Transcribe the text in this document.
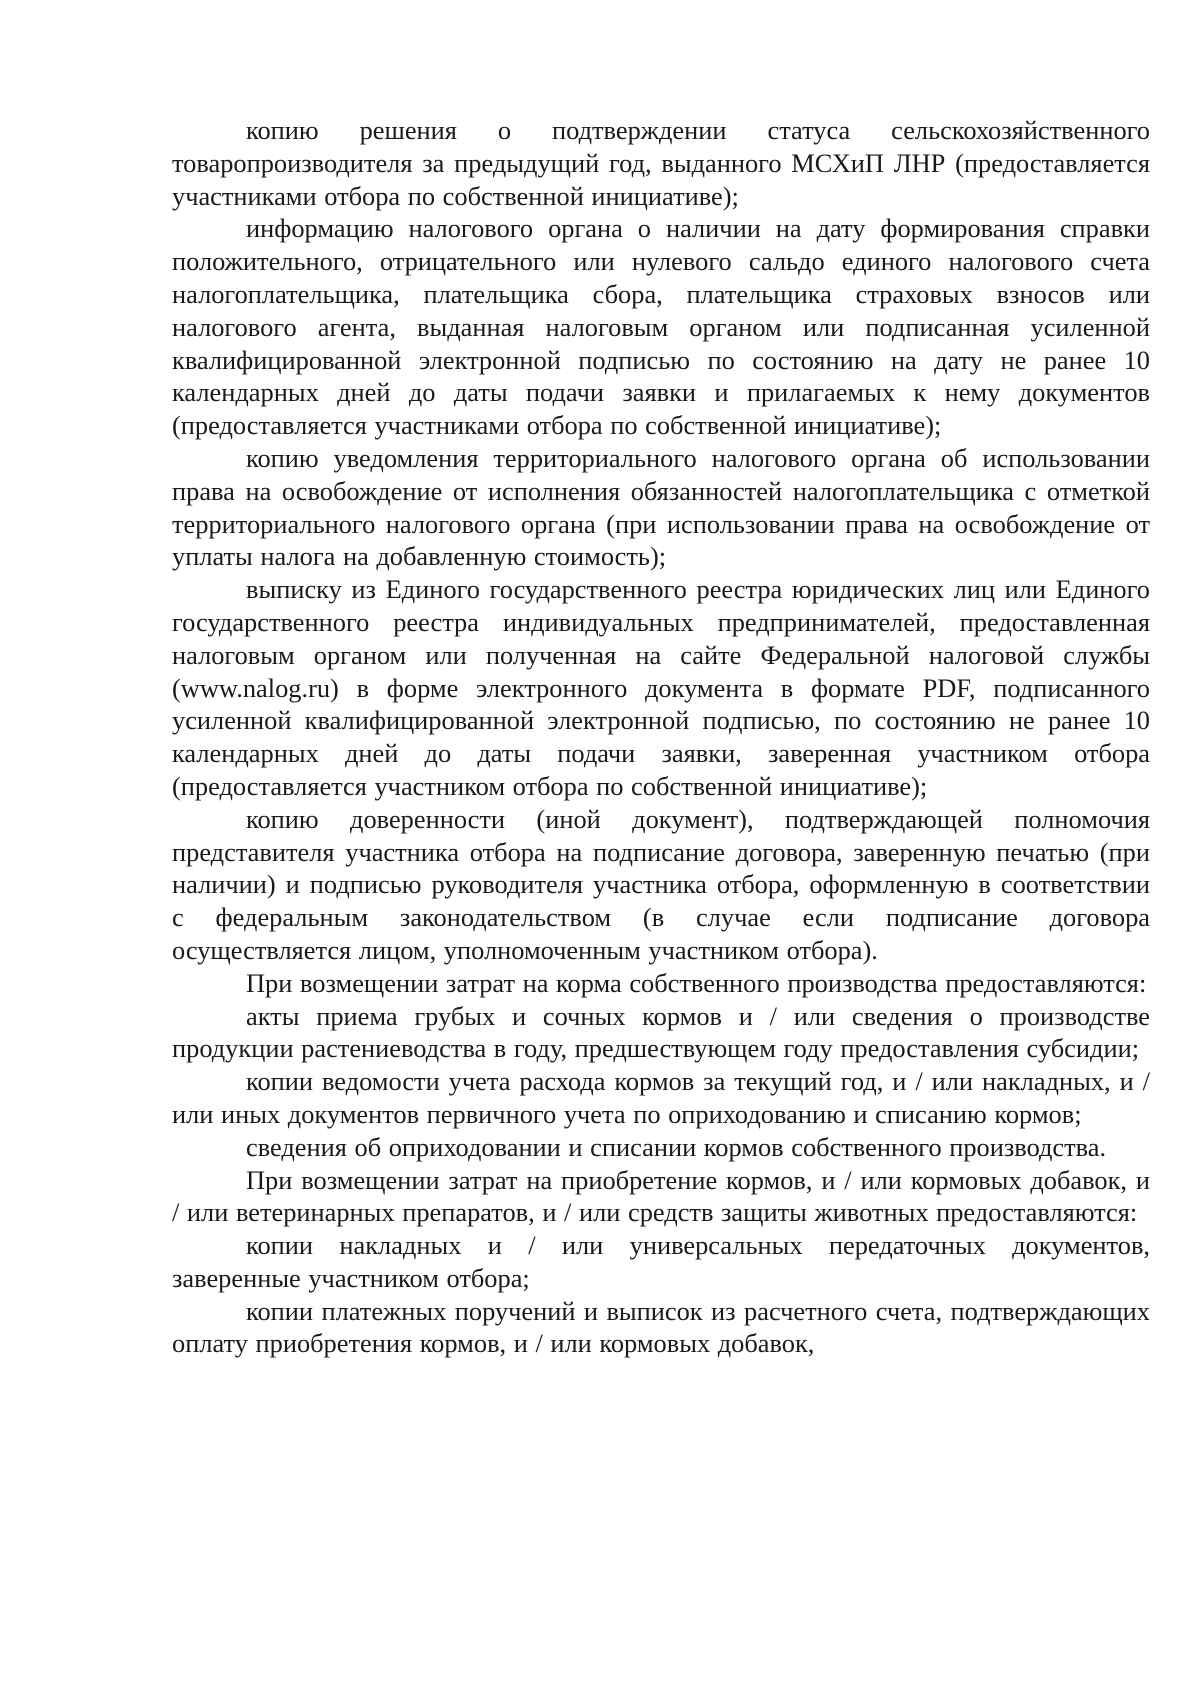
копию решения о подтверждении статуса сельскохозяйственного товаропроизводителя за предыдущий год, выданного МСХиП ЛНР (предоставляется участниками отбора по собственной инициативе);

информацию налогового органа о наличии на дату формирования справки положительного, отрицательного или нулевого сальдо единого налогового счета налогоплательщика, плательщика сбора, плательщика страховых взносов или налогового агента, выданная налоговым органом или подписанная усиленной квалифицированной электронной подписью по состоянию на дату не ранее 10 календарных дней до даты подачи заявки и прилагаемых к нему документов (предоставляется участниками отбора по собственной инициативе);

копию уведомления территориального налогового органа об использовании права на освобождение от исполнения обязанностей налогоплательщика с отметкой территориального налогового органа (при использовании права на освобождение от уплаты налога на добавленную стоимость);

выписку из Единого государственного реестра юридических лиц или Единого государственного реестра индивидуальных предпринимателей, предоставленная налоговым органом или полученная на сайте Федеральной налоговой службы (www.nalog.ru) в форме электронного документа в формате PDF, подписанного усиленной квалифицированной электронной подписью, по состоянию не ранее 10 календарных дней до даты подачи заявки, заверенная участником отбора (предоставляется участником отбора по собственной инициативе);

копию доверенности (иной документ), подтверждающей полномочия представителя участника отбора на подписание договора, заверенную печатью (при наличии) и подписью руководителя участника отбора, оформленную в соответствии с федеральным законодательством (в случае если подписание договора осуществляется лицом, уполномоченным участником отбора).

При возмещении затрат на корма собственного производства предоставляются:

акты приема грубых и сочных кормов и / или сведения о производстве продукции растениеводства в году, предшествующем году предоставления субсидии;

копии ведомости учета расхода кормов за текущий год, и / или накладных, и / или иных документов первичного учета по оприходованию и списанию кормов;

сведения об оприходовании и списании кормов собственного производства.

При возмещении затрат на приобретение кормов, и / или кормовых добавок, и / или ветеринарных препаратов, и / или средств защиты животных предоставляются:

копии накладных и / или универсальных передаточных документов, заверенные участником отбора;

копии платежных поручений и выписок из расчетного счета, подтверждающих оплату приобретения кормов, и / или кормовых добавок,
